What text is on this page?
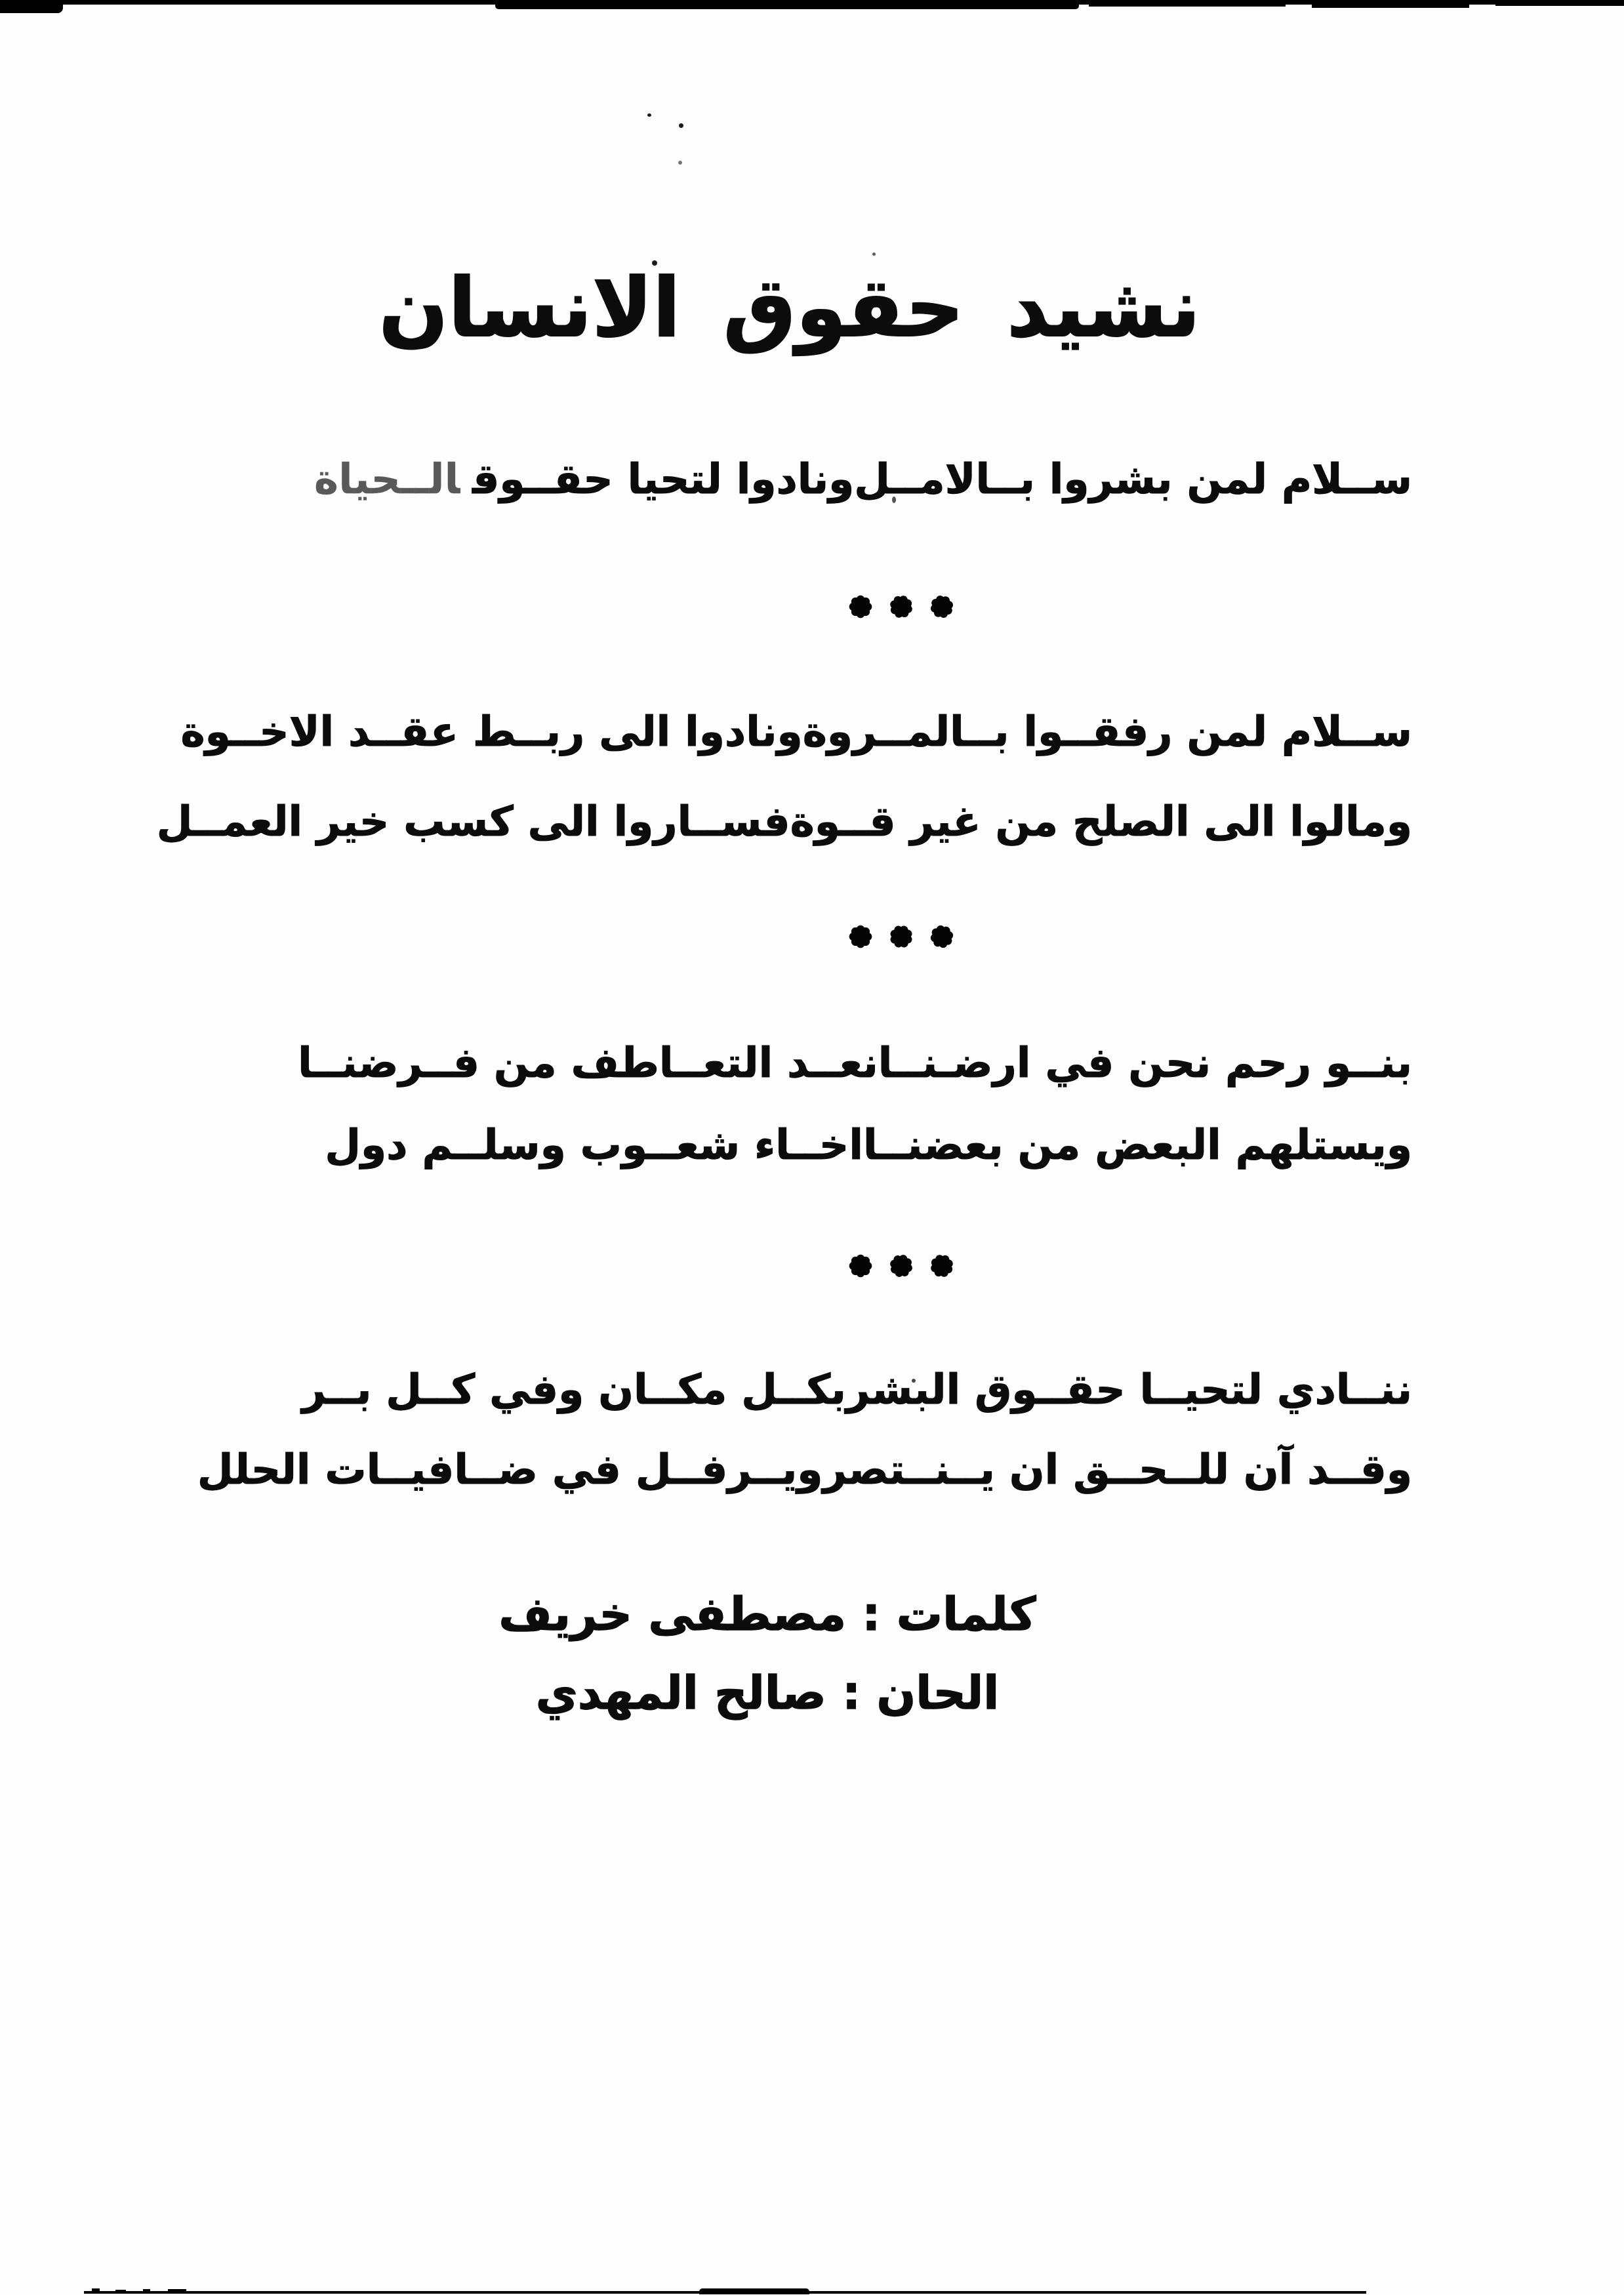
نشيد حقوق الانسان
ســلام لمن بشروا بــالامــل
ونادوا لتحيا حقــوقالــحياة
ســلام لمن رفقــوا بــالمــروة
ونادوا الى ربــط عقــد الاخــوة
ومالوا الى الصلح من غير قــوة
فســاروا الى كسب خير العمــل
بنــو رحم نحن في ارضـنــا
نعــد التعــاطف من فــرضنــا
ويستلهم البعض من بعضنــا
اخــاء شعــوب وسلــم دول
ننــادي لتحيــا حقــوق البشر
بكــل مكــان وفي كــل بــر
وقــد آن للــحــق ان يــنــتصر
ويــرفــل في ضــافيــات الحلل
كلمات : مصطفى خريف
الحان : صالح المهدي
